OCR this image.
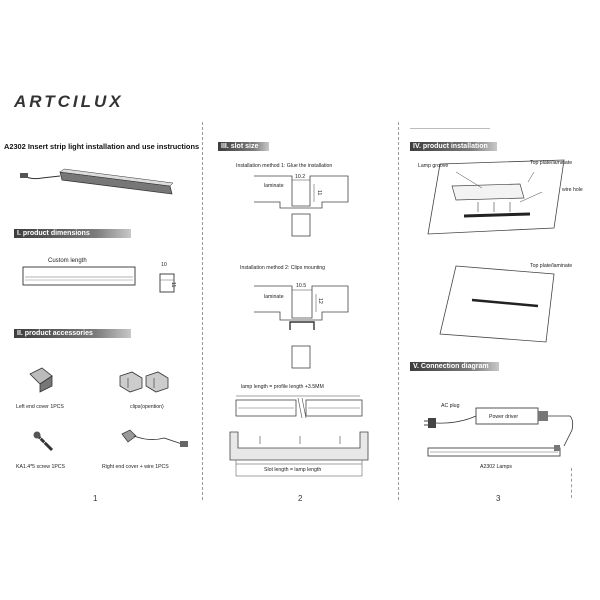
ARTCILUX
A2302 Insert strip light installation and use instructions
I. product dimensions
Custom length
10
11
II. product accessories
Left end cover 1PCS	clips(opention)
KA1.4*5 screw 1PCS	Right end cover + wire 1PCS
1
III. slot size
Installation method 1: Glue the installation
laminate
10.2
11
Installation method 2: Clips mounting
laminate
10.5
12
lamp length = profile length +3.5MM
Slot length = lamp length
2
IV. product installation
Lamp groove	Top plate/laminate
wire hole
Top plate/laminate
V. Connection diagram
AC plug
Power driver
A2302 Lamps
3
